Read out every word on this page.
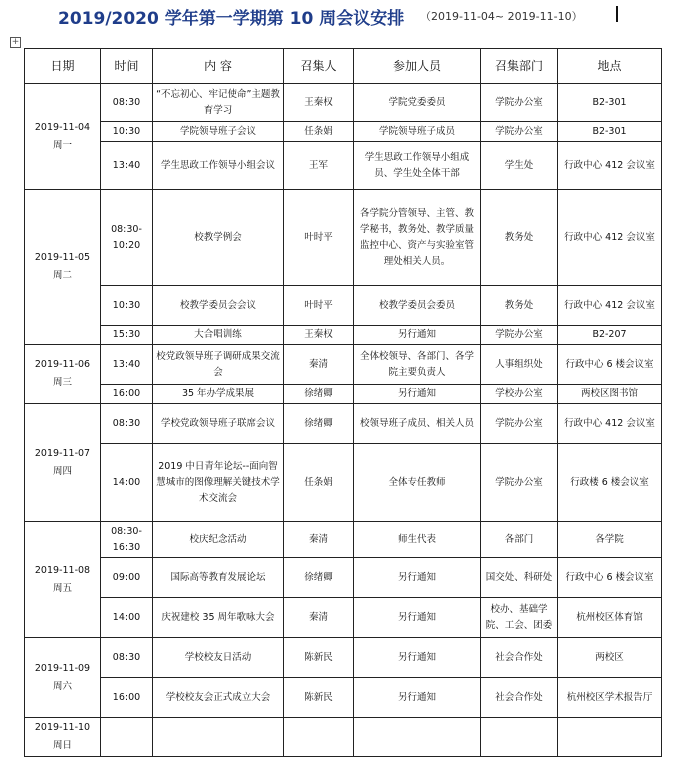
2019/2020 学年第一学期第 10 周会议安排 （2019-11-04~ 2019-11-10）
+
日期	时间	内 容	召集人	参加人员	召集部门	地点

2019-11-04
周一	08:30	“不忘初心、牢记使命”主题教育学习	王秦权	学院党委委员	学院办公室	B2-301
	10:30	学院领导班子会议	任条娟	学院领导班子成员	学院办公室	B2-301
	13:40	学生思政工作领导小组会议	王军	学生思政工作领导小组成员、学生处全体干部	学生处	行政中心 412 会议室

2019-11-05
周二	08:30-10:20	校教学例会	叶时平	各学院分管领导、主管、教学秘书，教务处、教学质量监控中心、资产与实验室管理处相关人员。	教务处	行政中心 412 会议室
	10:30	校教学委员会会议	叶时平	校教学委员会委员	教务处	行政中心 412 会议室
	15:30	大合唱训练	王秦权	另行通知	学院办公室	B2-207

2019-11-06
周三	13:40	校党政领导班子调研成果交流会	秦清	全体校领导、各部门、各学院主要负责人	人事组织处	行政中心 6 楼会议室
	16:00	35 年办学成果展	徐绪卿	另行通知	学校办公室	两校区图书馆

2019-11-07
周四	08:30	学校党政领导班子联席会议	徐绪卿	校领导班子成员、相关人员	学院办公室	行政中心 412 会议室
	14:00	2019 中日青年论坛--面向智慧城市的图像理解关键技术学术交流会	任条娟	全体专任教师	学院办公室	行政楼 6 楼会议室

2019-11-08
周五	08:30-16:30	校庆纪念活动	秦清	师生代表	各部门	各学院
	09:00	国际高等教育发展论坛	徐绪卿	另行通知	国交处、科研处	行政中心 6 楼会议室
	14:00	庆祝建校 35 周年歌咏大会	秦清	另行通知	校办、基础学院、工会、团委	杭州校区体育馆

2019-11-09
周六	08:30	学校校友日活动	陈新民	另行通知	社会合作处	两校区
	16:00	学校校友会正式成立大会	陈新民	另行通知	社会合作处	杭州校区学术报告厅

2019-11-10
周日						
